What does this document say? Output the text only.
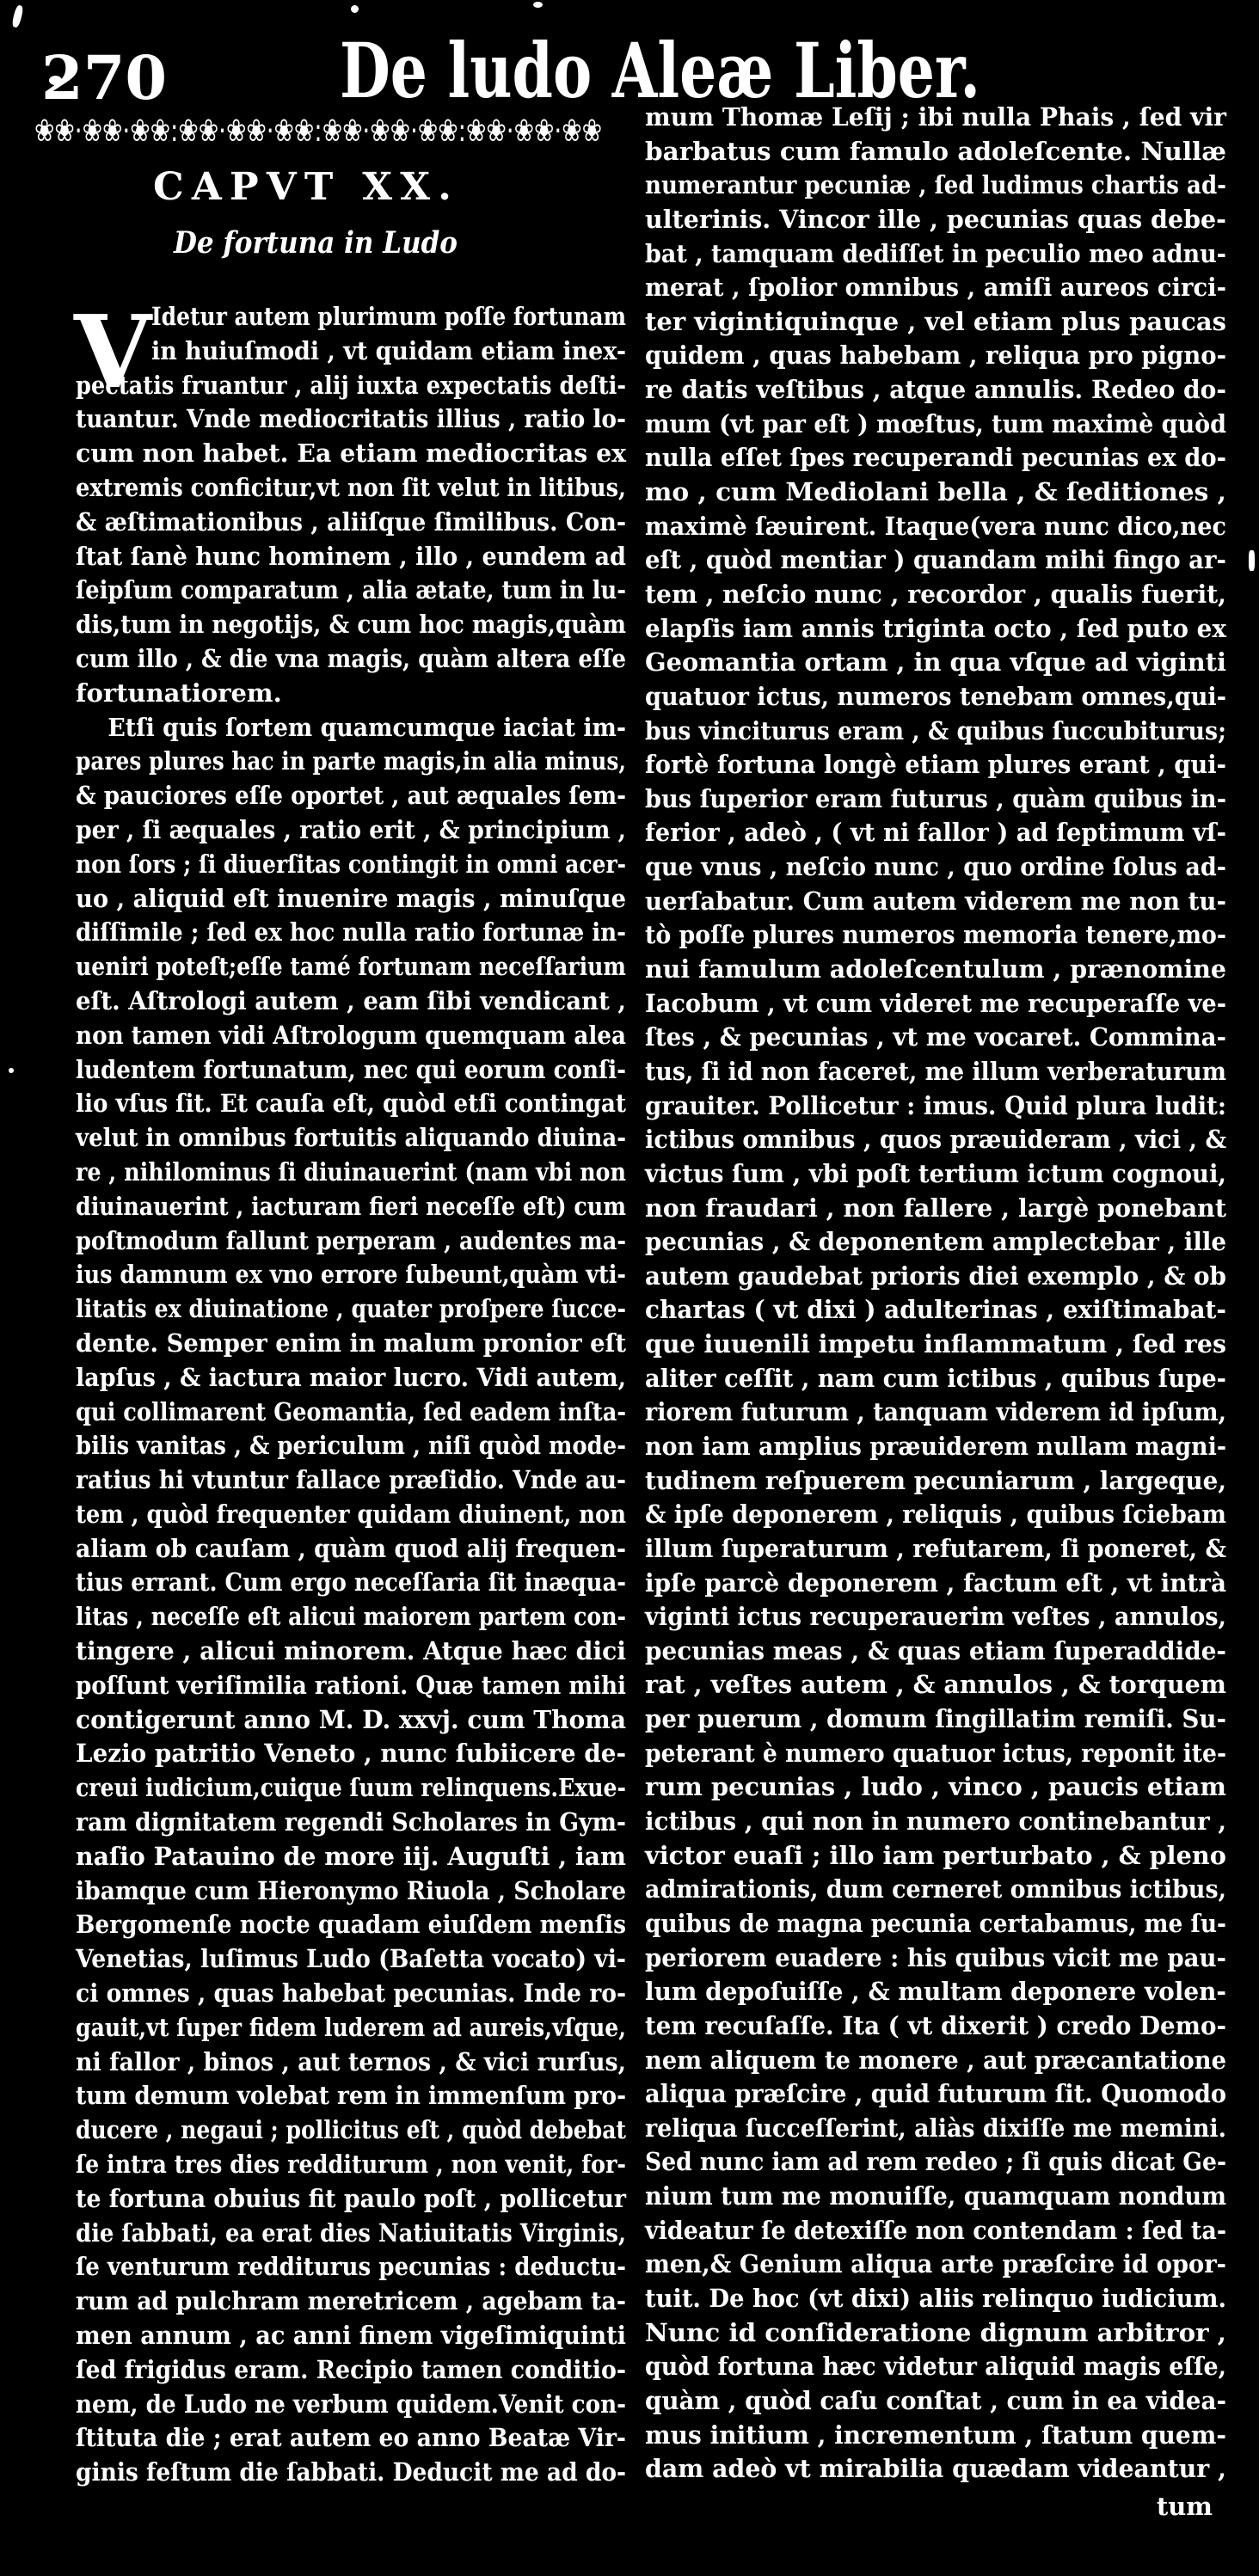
270 De ludo Aleæ Liber.
❀❀·❀❀·❀❀:❀❀·❀❀·❀❀:❀❀·❀❀·❀❀:❀❀·❀❀·❀❀
CAPVT XX.
De fortuna in Ludo
V Idetur autem plurimum poſſe fortunam
in huiuſmodi , vt quidam etiam inex-
pectatis fruantur , alij iuxta expectatis deſti-
tuantur. Vnde mediocritatis illius , ratio lo-
cum non habet. Ea etiam mediocritas ex
extremis conficitur,vt non ſit velut in litibus,
& æſtimationibus , aliiſque ſimilibus. Con-
ſtat ſanè hunc hominem , illo , eundem ad
ſeipſum comparatum , alia ætate, tum in lu-
dis,tum in negotijs, & cum hoc magis,quàm
cum illo , & die vna magis, quàm altera eſſe
fortunatiorem.
Etſi quis ſortem quamcumque iaciat im-
pares plures hac in parte magis,in alia minus,
& pauciores eſſe oportet , aut æquales ſem-
per , ſi æquales , ratio erit , & principium ,
non ſors ; ſi diuerſitas contingit in omni acer-
uo , aliquid eſt inuenire magis , minuſque
diſſimile ; ſed ex hoc nulla ratio fortunæ in-
ueniri poteſt;eſſe tamé fortunam neceſſarium
eſt. Aſtrologi autem , eam ſibi vendicant ,
non tamen vidi Aſtrologum quemquam alea
ludentem fortunatum, nec qui eorum conſi-
lio vſus ſit. Et cauſa eſt, quòd etſi contingat
velut in omnibus fortuitis aliquando diuina-
re , nihilominus ſi diuinauerint (nam vbi non
diuinauerint , iacturam fieri neceſſe eſt) cum
poſtmodum fallunt perperam , audentes ma-
ius damnum ex vno errore ſubeunt,quàm vti-
litatis ex diuinatione , quater proſpere ſucce-
dente. Semper enim in malum pronior eſt
lapſus , & iactura maior lucro. Vidi autem,
qui collimarent Geomantia, ſed eadem inſta-
bilis vanitas , & periculum , niſi quòd mode-
ratius hi vtuntur fallace præſidio. Vnde au-
tem , quòd frequenter quidam diuinent, non
aliam ob cauſam , quàm quod alij frequen-
tius errant. Cum ergo neceſſaria ſit inæqua-
litas , neceſſe eſt alicui maiorem partem con-
tingere , alicui minorem. Atque hæc dici
poſſunt veriſimilia rationi. Quæ tamen mihi
contigerunt anno M. D. xxvj. cum Thoma
Lezio patritio Veneto , nunc ſubiicere de-
creui iudicium,cuique ſuum relinquens.Exue-
ram dignitatem regendi Scholares in Gym-
naſio Patauino de more iij. Auguſti , iam
ibamque cum Hieronymo Riuola , Scholare
Bergomenſe nocte quadam eiuſdem menſis
Venetias, luſimus Ludo (Baſetta vocato) vi-
ci omnes , quas habebat pecunias. Inde ro-
gauit,vt ſuper fidem luderem ad aureis,vſque,
ni fallor , binos , aut ternos , & vici rurſus,
tum demum volebat rem in immenſum pro-
ducere , negaui ; pollicitus eſt , quòd debebat
ſe intra tres dies redditurum , non venit, for-
te fortuna obuius fit paulo poſt , pollicetur
die ſabbati, ea erat dies Natiuitatis Virginis,
ſe venturum redditurus pecunias : deductu-
rum ad pulchram meretricem , agebam ta-
men annum , ac anni finem vigeſimiquinti
ſed frigidus eram. Recipio tamen conditio-
nem, de Ludo ne verbum quidem.Venit con-
ſtituta die ; erat autem eo anno Beatæ Vir-
ginis feſtum die ſabbati. Deducit me ad do-
mum Thomæ Leſij ; ibi nulla Phais , ſed vir
barbatus cum famulo adoleſcente. Nullæ
numerantur pecuniæ , ſed ludimus chartis ad-
ulterinis. Vincor ille , pecunias quas debe-
bat , tamquam dediſſet in peculio meo adnu-
merat , ſpolior omnibus , amiſi aureos circi-
ter vigintiquinque , vel etiam plus paucas
quidem , quas habebam , reliqua pro pigno-
re datis veſtibus , atque annulis. Redeo do-
mum (vt par eſt ) mœſtus, tum maximè quòd
nulla eſſet ſpes recuperandi pecunias ex do-
mo , cum Mediolani bella , & ſeditiones ,
maximè ſæuirent. Itaque(vera nunc dico,nec
eſt , quòd mentiar ) quandam mihi fingo ar-
tem , neſcio nunc , recordor , qualis fuerit,
elapſis iam annis triginta octo , ſed puto ex
Geomantia ortam , in qua vſque ad viginti
quatuor ictus, numeros tenebam omnes,qui-
bus vinciturus eram , & quibus ſuccubiturus;
fortè fortuna longè etiam plures erant , qui-
bus ſuperior eram futurus , quàm quibus in-
ferior , adeò , ( vt ni fallor ) ad ſeptimum vſ-
que vnus , neſcio nunc , quo ordine ſolus ad-
uerſabatur. Cum autem viderem me non tu-
tò poſſe plures numeros memoria tenere,mo-
nui famulum adoleſcentulum , prænomine
Iacobum , vt cum videret me recuperaſſe ve-
ſtes , & pecunias , vt me vocaret. Commina-
tus, ſi id non faceret, me illum verberaturum
grauiter. Pollicetur : imus. Quid plura ludit:
ictibus omnibus , quos præuideram , vici , &
victus ſum , vbi poſt tertium ictum cognoui,
non fraudari , non fallere , largè ponebant
pecunias , & deponentem amplectebar , ille
autem gaudebat prioris diei exemplo , & ob
chartas ( vt dixi ) adulterinas , exiſtimabat-
que iuuenili impetu inflammatum , ſed res
aliter ceſſit , nam cum ictibus , quibus ſupe-
riorem futurum , tanquam viderem id ipſum,
non iam amplius præuiderem nullam magni-
tudinem reſpuerem pecuniarum , largeque,
& ipſe deponerem , reliquis , quibus ſciebam
illum ſuperaturum , refutarem, ſi poneret, &
ipſe parcè deponerem , factum eſt , vt intrà
viginti ictus recuperauerim veſtes , annulos,
pecunias meas , & quas etiam ſuperaddide-
rat , veſtes autem , & annulos , & torquem
per puerum , domum ſingillatim remiſi. Su-
peterant è numero quatuor ictus, reponit ite-
rum pecunias , ludo , vinco , paucis etiam
ictibus , qui non in numero continebantur ,
victor euaſi ; illo iam perturbato , & pleno
admirationis, dum cerneret omnibus ictibus,
quibus de magna pecunia certabamus, me ſu-
periorem euadere : his quibus vicit me pau-
lum depoſuiſſe , & multam deponere volen-
tem recuſaſſe. Ita ( vt dixerit ) credo Demo-
nem aliquem te monere , aut præcantatione
aliqua præſcire , quid futurum ſit. Quomodo
reliqua ſucceſſerint, aliàs dixiſſe me memini.
Sed nunc iam ad rem redeo ; ſi quis dicat Ge-
nium tum me monuiſſe, quamquam nondum
videatur ſe detexiſſe non contendam : ſed ta-
men,& Genium aliqua arte præſcire id opor-
tuit. De hoc (vt dixi) aliis relinquo iudicium.
Nunc id conſideratione dignum arbitror ,
quòd fortuna hæc videtur aliquid magis eſſe,
quàm , quòd caſu conſtat , cum in ea videa-
mus initium , incrementum , ſtatum quem-
dam adeò vt mirabilia quædam videantur ,
tum
